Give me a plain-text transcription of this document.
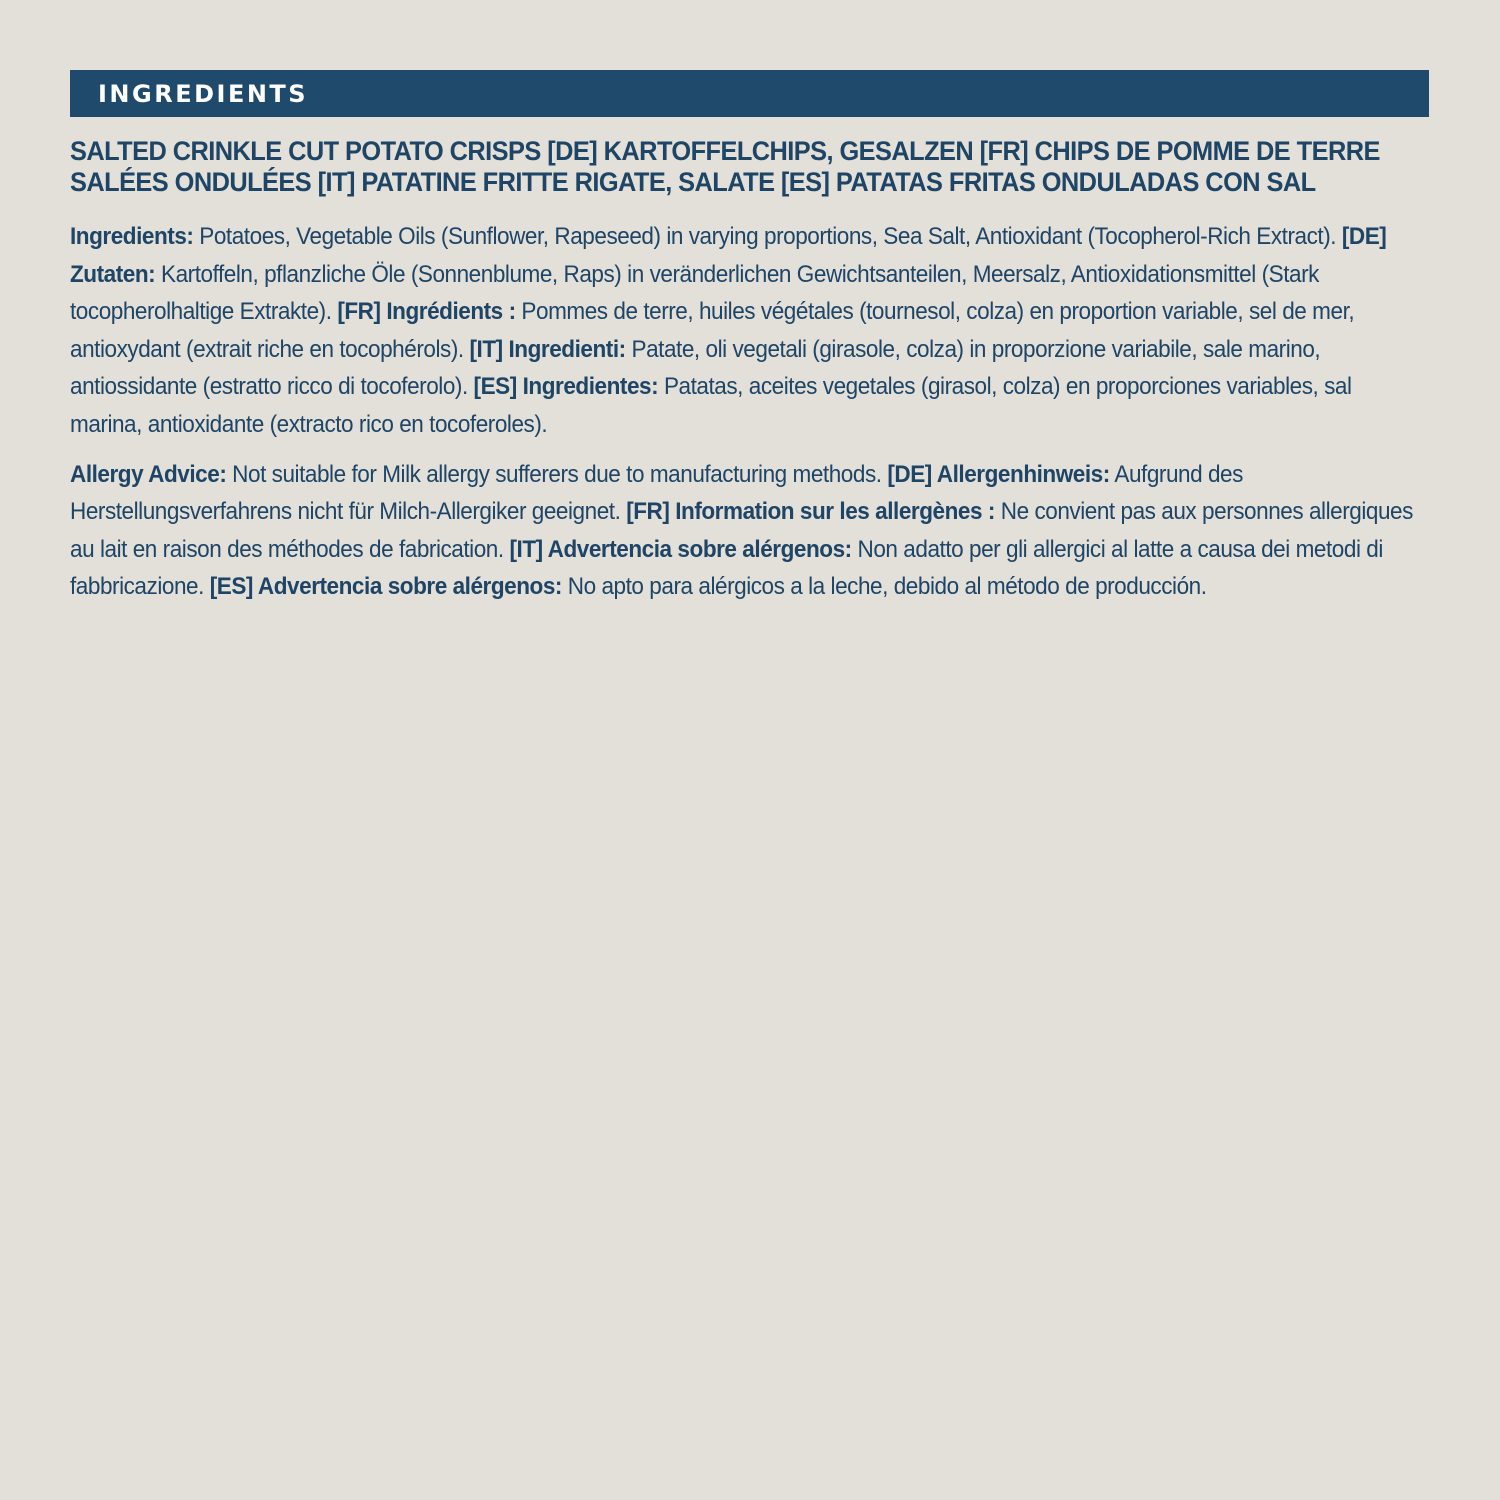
INGREDIENTS
SALTED CRINKLE CUT POTATO CRISPS [DE] KARTOFFELCHIPS, GESALZEN [FR] CHIPS DE POMME DE TERRE
SALÉES ONDULÉES [IT] PATATINE FRITTE RIGATE, SALATE [ES] PATATAS FRITAS ONDULADAS CON SAL
Ingredients: Potatoes, Vegetable Oils (Sunflower, Rapeseed) in varying proportions, Sea Salt, Antioxidant (Tocopherol-Rich Extract). [DE] Zutaten: Kartoffeln, pflanzliche Öle (Sonnenblume, Raps) in veränderlichen Gewichtsanteilen, Meersalz, Antioxidationsmittel (Stark tocopherolhaltige Extrakte). [FR] Ingrédients : Pommes de terre, huiles végétales (tournesol, colza) en proportion variable, sel de mer, antioxydant (extrait riche en tocophérols). [IT] Ingredienti: Patate, oli vegetali (girasole, colza) in proporzione variabile, sale marino, antiossidante (estratto ricco di tocoferolo). [ES] Ingredientes: Patatas, aceites vegetales (girasol, colza) en proporciones variables, sal marina, antioxidante (extracto rico en tocoferoles).
Allergy Advice: Not suitable for Milk allergy sufferers due to manufacturing methods. [DE] Allergenhinweis: Aufgrund des Herstellungsverfahrens nicht für Milch-Allergiker geeignet. [FR] Information sur les allergènes : Ne convient pas aux personnes allergiques au lait en raison des méthodes de fabrication. [IT] Advertencia sobre alérgenos: Non adatto per gli allergici al latte a causa dei metodi di fabbricazione. [ES] Advertencia sobre alérgenos: No apto para alérgicos a la leche, debido al método de producción.
